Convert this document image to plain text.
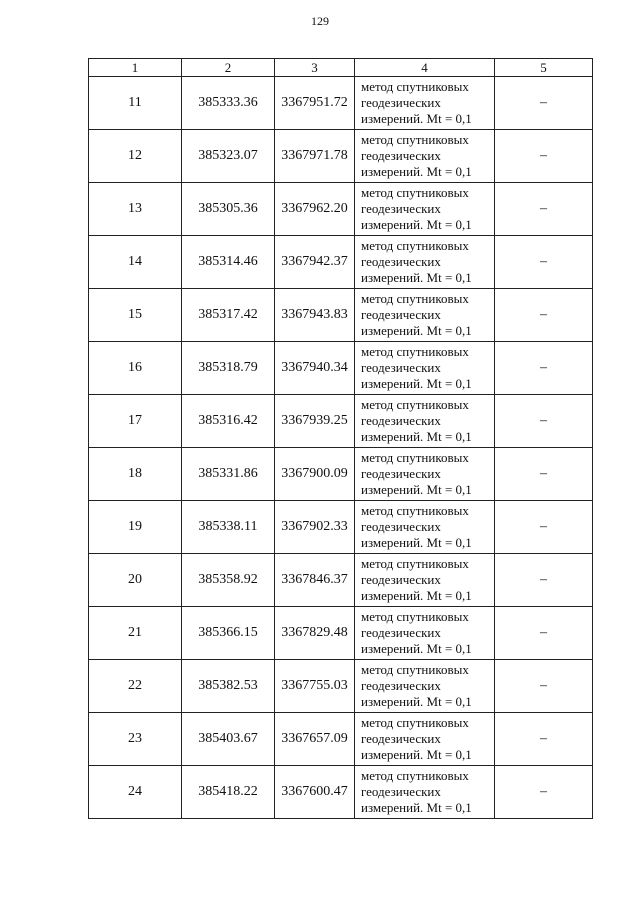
129
1	2	3	4	5
11	385333.36	3367951.72	метод спутниковых
геодезических
измерений. Mt = 0,1	–
12	385323.07	3367971.78	метод спутниковых
геодезических
измерений. Mt = 0,1	–
13	385305.36	3367962.20	метод спутниковых
геодезических
измерений. Mt = 0,1	–
14	385314.46	3367942.37	метод спутниковых
геодезических
измерений. Mt = 0,1	–
15	385317.42	3367943.83	метод спутниковых
геодезических
измерений. Mt = 0,1	–
16	385318.79	3367940.34	метод спутниковых
геодезических
измерений. Mt = 0,1	–
17	385316.42	3367939.25	метод спутниковых
геодезических
измерений. Mt = 0,1	–
18	385331.86	3367900.09	метод спутниковых
геодезических
измерений. Mt = 0,1	–
19	385338.11	3367902.33	метод спутниковых
геодезических
измерений. Mt = 0,1	–
20	385358.92	3367846.37	метод спутниковых
геодезических
измерений. Mt = 0,1	–
21	385366.15	3367829.48	метод спутниковых
геодезических
измерений. Mt = 0,1	–
22	385382.53	3367755.03	метод спутниковых
геодезических
измерений. Mt = 0,1	–
23	385403.67	3367657.09	метод спутниковых
геодезических
измерений. Mt = 0,1	–
24	385418.22	3367600.47	метод спутниковых
геодезических
измерений. Mt = 0,1	–
